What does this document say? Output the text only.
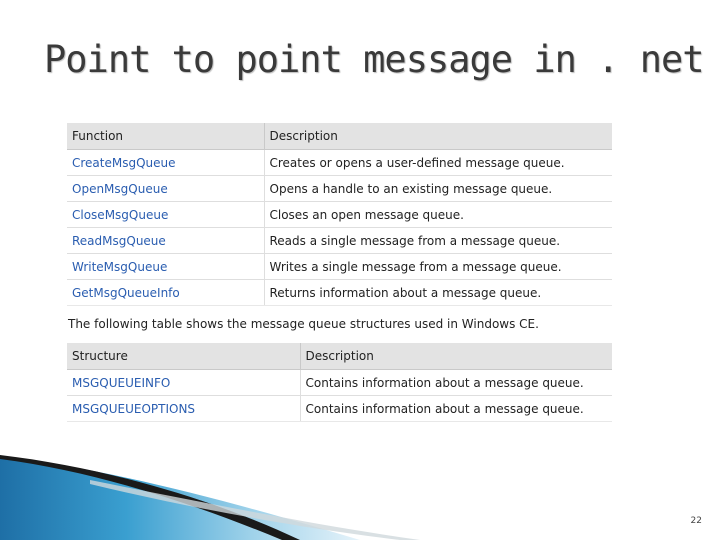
Point to point message in . net
Function	Description
CreateMsgQueue	Creates or opens a user-defined message queue.
OpenMsgQueue	Opens a handle to an existing message queue.
CloseMsgQueue	Closes an open message queue.
ReadMsgQueue	Reads a single message from a message queue.
WriteMsgQueue	Writes a single message from a message queue.
GetMsgQueueInfo	Returns information about a message queue.
The following table shows the message queue structures used in Windows CE.
Structure	Description
MSGQUEUEINFO	Contains information about a message queue.
MSGQUEUEOPTIONS	Contains information about a message queue.
22
